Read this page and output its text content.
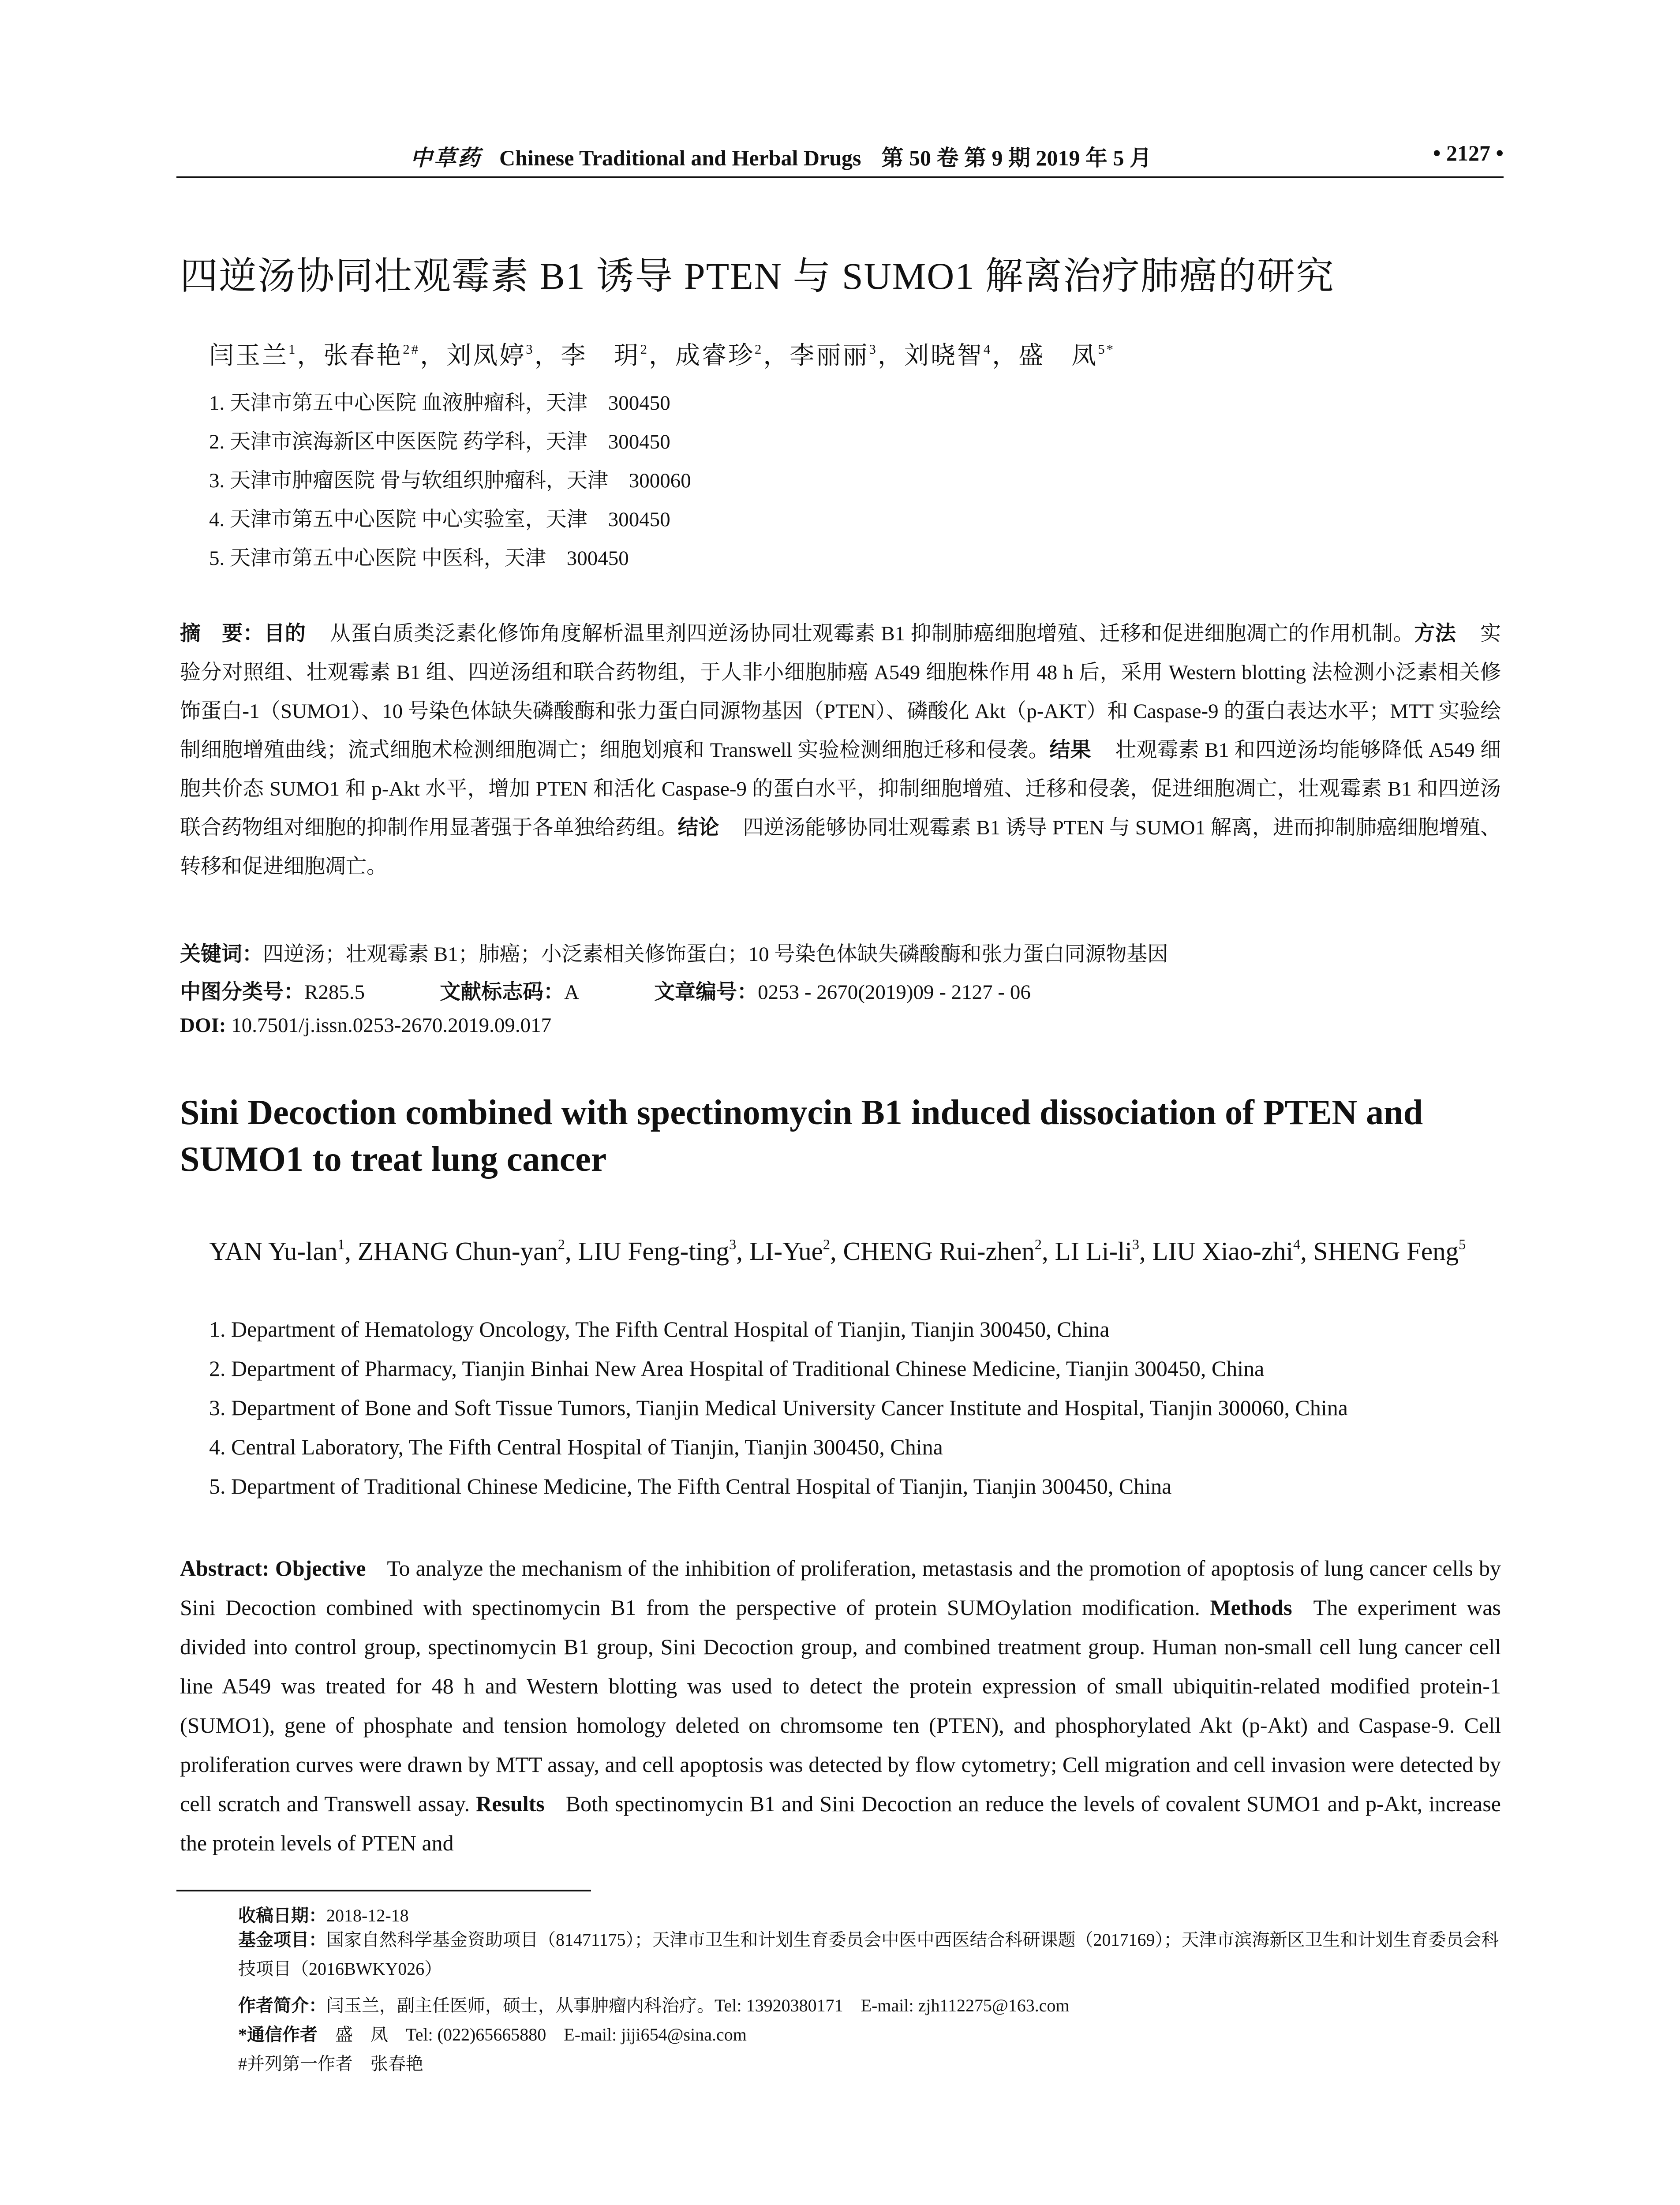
中草药 Chinese Traditional and Herbal Drugs 第 50 卷 第 9 期 2019 年 5 月	• 2127 •
四逆汤协同壮观霉素 B1 诱导 PTEN 与 SUMO1 解离治疗肺癌的研究
闫玉兰$^1$，张春艳$^{2\#}$，刘凤婷$^3$，李　玥$^2$，成睿珍$^2$，李丽丽$^3$，刘晓智$^4$，盛　凤$^{5*}$
1. 天津市第五中心医院 血液肿瘤科，天津　300450
2. 天津市滨海新区中医医院 药学科，天津　300450
3. 天津市肿瘤医院 骨与软组织肿瘤科，天津　300060
4. 天津市第五中心医院 中心实验室，天津　300450
5. 天津市第五中心医院 中医科，天津　300450
摘　要：目的 从蛋白质类泛素化修饰角度解析温里剂四逆汤协同壮观霉素 B1 抑制肺癌细胞增殖、迁移和促进细胞凋亡的作用机制。方法 实验分对照组、壮观霉素 B1 组、四逆汤组和联合药物组，于人非小细胞肺癌 A549 细胞株作用 48 h 后，采用 Western blotting 法检测小泛素相关修饰蛋白-1（SUMO1）、10 号染色体缺失磷酸酶和张力蛋白同源物基因（PTEN）、磷酸化 Akt（p-AKT）和 Caspase-9 的蛋白表达水平；MTT 实验绘制细胞增殖曲线；流式细胞术检测细胞凋亡；细胞划痕和 Transwell 实验检测细胞迁移和侵袭。结果 壮观霉素 B1 和四逆汤均能够降低 A549 细胞共价态 SUMO1 和 p-Akt 水平，增加 PTEN 和活化 Caspase-9 的蛋白水平，抑制细胞增殖、迁移和侵袭，促进细胞凋亡，壮观霉素 B1 和四逆汤联合药物组对细胞的抑制作用显著强于各单独给药组。结论 四逆汤能够协同壮观霉素 B1 诱导 PTEN 与 SUMO1 解离，进而抑制肺癌细胞增殖、转移和促进细胞凋亡。
关键词：四逆汤；壮观霉素 B1；肺癌；小泛素相关修饰蛋白；10 号染色体缺失磷酸酶和张力蛋白同源物基因
中图分类号：R285.5	文献标志码：A	文章编号：0253 - 2670(2019)09 - 2127 - 06
DOI: 10.7501/j.issn.0253-2670.2019.09.017
Sini Decoction combined with spectinomycin B1 induced dissociation of PTEN and SUMO1 to treat lung cancer
YAN Yu-lan$^1$, ZHANG Chun-yan$^2$, LIU Feng-ting$^3$, LI-Yue$^2$, CHENG Rui-zhen$^2$, LI $Li-li^3$, LIU Xiao-zhi$^4$, SHENG Feng$^5$
1. Department of Hematology Oncology, The Fifth Central Hospital of Tianjin, Tianjin 300450, China
2. Department of Pharmacy, Tianjin Binhai New Area Hospital of Traditional Chinese Medicine, Tianjin 300450, China
3. Department of Bone and Soft Tissue Tumors, Tianjin Medical University Cancer Institute and Hospital, Tianjin 300060, China
4. Central Laboratory, The Fifth Central Hospital of Tianjin, Tianjin 300450, China
5. Department of Traditional Chinese Medicine, The Fifth Central Hospital of Tianjin, Tianjin 300450, China
Abstract: Objective To analyze the mechanism of the inhibition of proliferation, metastasis and the promotion of apoptosis of lung cancer cells by Sini Decoction combined with spectinomycin B1 from the perspective of protein SUMOylation modification. Methods The experiment was divided into control group, spectinomycin B1 group, Sini Decoction group, and combined treatment group. Human non-small cell lung cancer cell line A549 was treated for 48 h and Western blotting was used to detect the protein expression of small ubiquitin-related modified protein-1 (SUMO1), gene of phosphate and tension homology deleted on chromsome ten (PTEN), and phosphorylated Akt (p-Akt) and Caspase-9. Cell proliferation curves were drawn by MTT assay, and cell apoptosis was detected by flow cytometry; Cell migration and cell invasion were detected by cell scratch and Transwell assay. Results Both spectinomycin B1 and Sini Decoction an reduce the levels of covalent SUMO1 and p-Akt, increase the protein levels of PTEN and
收稿日期：2018-12-18
基金项目：国家自然科学基金资助项目（81471175）；天津市卫生和计划生育委员会中医中西医结合科研课题（2017169）；天津市滨海新区卫生和计划生育委员会科技项目（2016BWKY026）
作者简介：闫玉兰，副主任医师，硕士，从事肿瘤内科治疗。Tel: 13920380171　E-mail: zjh112275@163.com
*通信作者　 盛　凤　Tel: (022)65665880　E-mail: jiji654@sina.com
#并列第一作者　 张春艳
